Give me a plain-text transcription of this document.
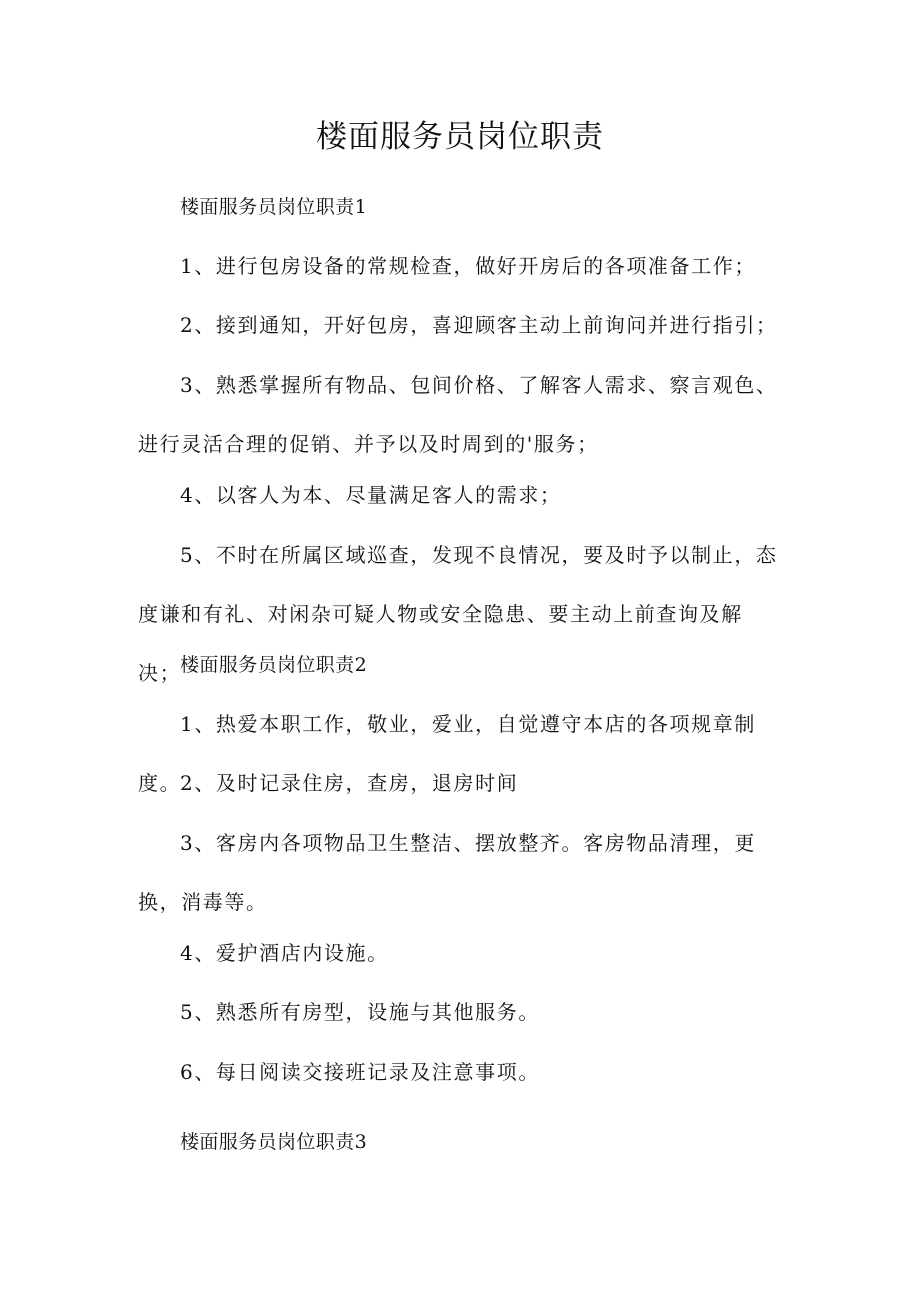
楼面服务员岗位职责

楼面服务员岗位职责1

1、进行包房设备的常规检查，做好开房后的各项准备工作；

2、接到通知，开好包房，喜迎顾客主动上前询问并进行指引；

3、熟悉掌握所有物品、包间价格、了解客人需求、察言观色、进行灵活合理的促销、并予以及时周到的'服务；

4、以客人为本、尽量满足客人的需求；

5、不时在所属区域巡查，发现不良情况，要及时予以制止，态度谦和有礼、对闲杂可疑人物或安全隐患、要主动上前查询及解决；

楼面服务员岗位职责2

1、热爱本职工作，敬业，爱业，自觉遵守本店的各项规章制度。

2、及时记录住房，查房，退房时间

3、客房内各项物品卫生整洁、摆放整齐。客房物品清理，更换，消毒等。

4、爱护酒店内设施。

5、熟悉所有房型，设施与其他服务。

6、每日阅读交接班记录及注意事项。

楼面服务员岗位职责3
